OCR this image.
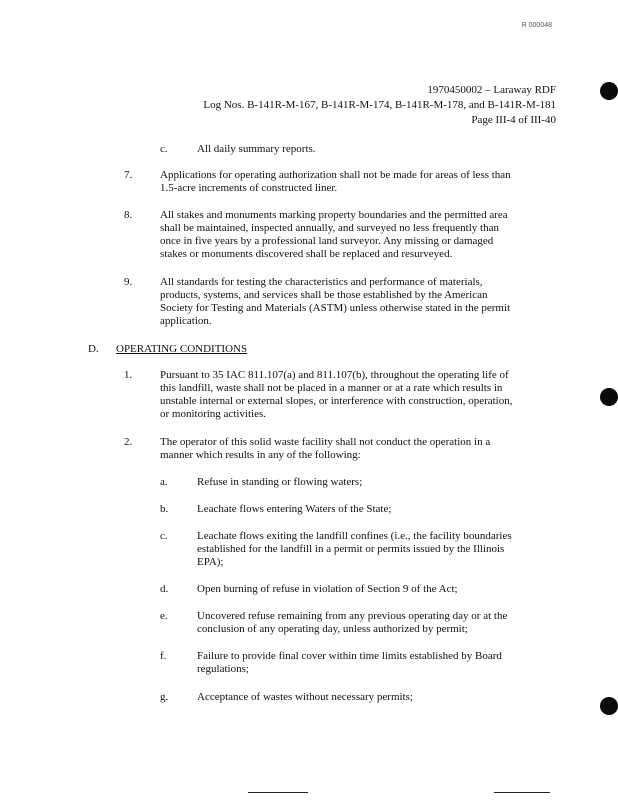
R 000048
1970450002 – Laraway RDF
Log Nos. B-141R-M-167, B-141R-M-174, B-141R-M-178, and B-141R-M-181
Page III-4 of III-40
c.	All daily summary reports.
7.	Applications for operating authorization shall not be made for areas of less than
1.5-acre increments of constructed liner.
8.	All stakes and monuments marking property boundaries and the permitted area
shall be maintained, inspected annually, and surveyed no less frequently than
once in five years by a professional land surveyor. Any missing or damaged
stakes or monuments discovered shall be replaced and resurveyed.
9.	All standards for testing the characteristics and performance of materials,
products, systems, and services shall be those established by the American
Society for Testing and Materials (ASTM) unless otherwise stated in the permit
application.
D. OPERATING CONDITIONS
1.	Pursuant to 35 IAC 811.107(a) and 811.107(b), throughout the operating life of
this landfill, waste shall not be placed in a manner or at a rate which results in
unstable internal or external slopes, or interference with construction, operation,
or monitoring activities.
2.	The operator of this solid waste facility shall not conduct the operation in a
manner which results in any of the following:
a.	Refuse in standing or flowing waters;
b.	Leachate flows entering Waters of the State;
c.	Leachate flows exiting the landfill confines (i.e., the facility boundaries
established for the landfill in a permit or permits issued by the Illinois
EPA);
d.	Open burning of refuse in violation of Section 9 of the Act;
e.	Uncovered refuse remaining from any previous operating day or at the
conclusion of any operating day, unless authorized by permit;
f.	Failure to provide final cover within time limits established by Board
regulations;
g.	Acceptance of wastes without necessary permits;
